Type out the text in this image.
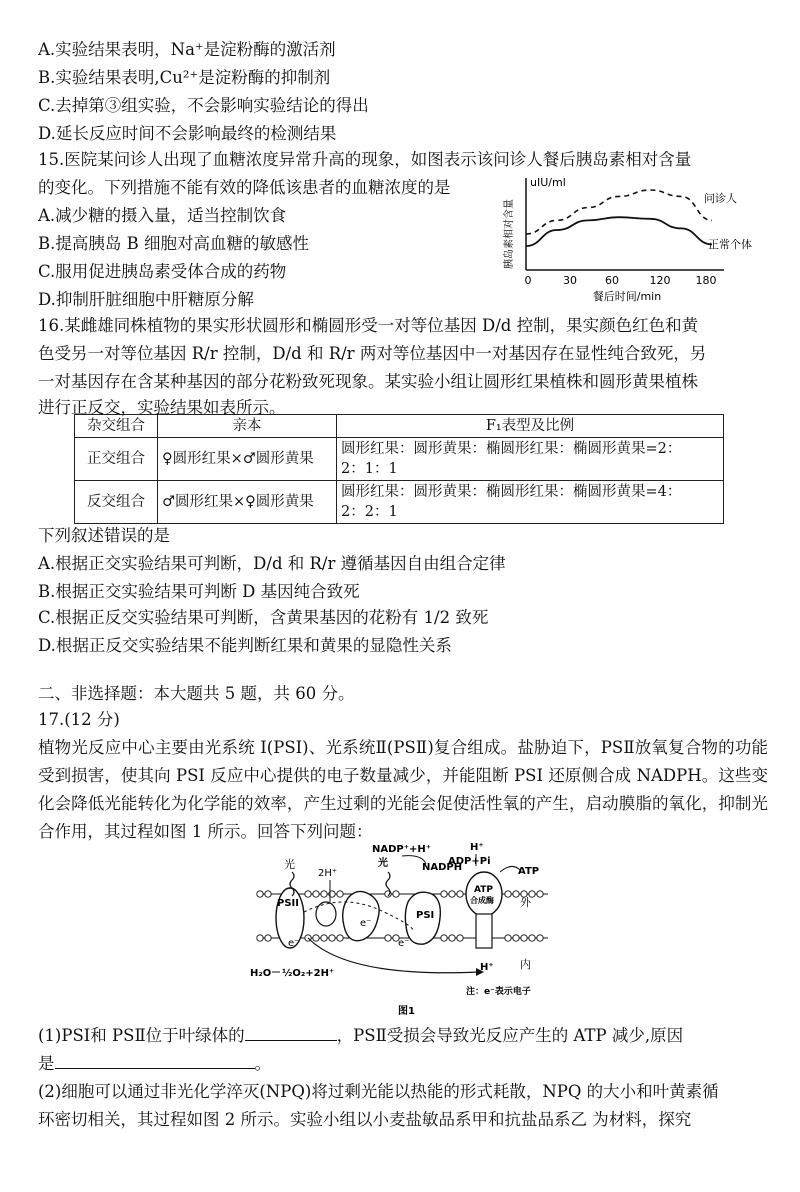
A.实验结果表明，Na⁺是淀粉酶的激活剂
B.实验结果表明,Cu²⁺是淀粉酶的抑制剂
C.去掉第③组实验，不会影响实验结论的得出
D.延长反应时间不会影响最终的检测结果
15.医院某问诊人出现了血糖浓度异常升高的现象，如图表示该问诊人餐后胰岛素相对含量
的变化。下列措施不能有效的降低该患者的血糖浓度的是
A.减少糖的摄入量，适当控制饮食
B.提高胰岛 B 细胞对高血糖的敏感性
C.服用促进胰岛素受体合成的药物
D.抑制肝脏细胞中肝糖原分解
胰岛素相对含量
uIU/ml
0	30	60	120 180
问诊人
正常个体
餐后时间/min
16.某雌雄同株植物的果实形状圆形和椭圆形受一对等位基因 D/d 控制，果实颜色红色和黄
色受另一对等位基因 R/r 控制，D/d 和 R/r 两对等位基因中一对基因存在显性纯合致死，另
一对基因存在含某种基因的部分花粉致死现象。某实验小组让圆形红果植株和圆形黄果植株
进行正反交，实验结果如表所示。
杂交组合	亲本	F₁表型及比例
正交组合	♀圆形红果×♂圆形黄果	圆形红果：圆形黄果：椭圆形红果：椭圆形黄果=2：
2：1：1

反交组合	♂圆形红果×♀圆形黄果	圆形红果：圆形黄果：椭圆形红果：椭圆形黄果=4：
2：2：1
下列叙述错误的是
A.根据正交实验结果可判断，D/d 和 R/r 遵循基因自由组合定律
B.根据正交实验结果可判断 D 基因纯合致死
C.根据正反交实验结果可判断，含黄果基因的花粉有 1/2 致死
D.根据正反交实验结果不能判断红果和黄果的显隐性关系
二、非选择题：本大题共 5 题，共 60 分。
17.(12 分)
植物光反应中心主要由光系统 I(PSI)、光系统Ⅱ(PSⅡ)复合组成。盐胁迫下，PSⅡ放氧复合物的功能受到损害，使其向 PSI 反应中心提供的电子数量减少，并能阻断 PSI 还原侧合成 NADPH。这些变化会降低光能转化为化学能的效率，产生过剩的光能会促使活性氧的产生，启动膜脂的氧化，抑制光合作用，其过程如图 1 所示。回答下列问题：
PSII
光
2H⁺
e⁻
PSI
NADP⁺+H⁺
光	NADPH
e⁻	e⁻
H⁺
ADP+Pi
ATP
ATP
合成酶 外
内
H⁺
H₂O ½O₂+2H⁺
注：e⁻表示电子
图1
(1)PSⅠ和 PSⅡ位于叶绿体的	，PSⅡ受损会导致光反应产生的 ATP 减少,原因
是	。
(2)细胞可以通过非光化学淬灭(NPQ)将过剩光能以热能的形式耗散，NPQ 的大小和叶黄素循
环密切相关，其过程如图 2 所示。实验小组以小麦盐敏品系甲和抗盐品系乙 为材料，探究
